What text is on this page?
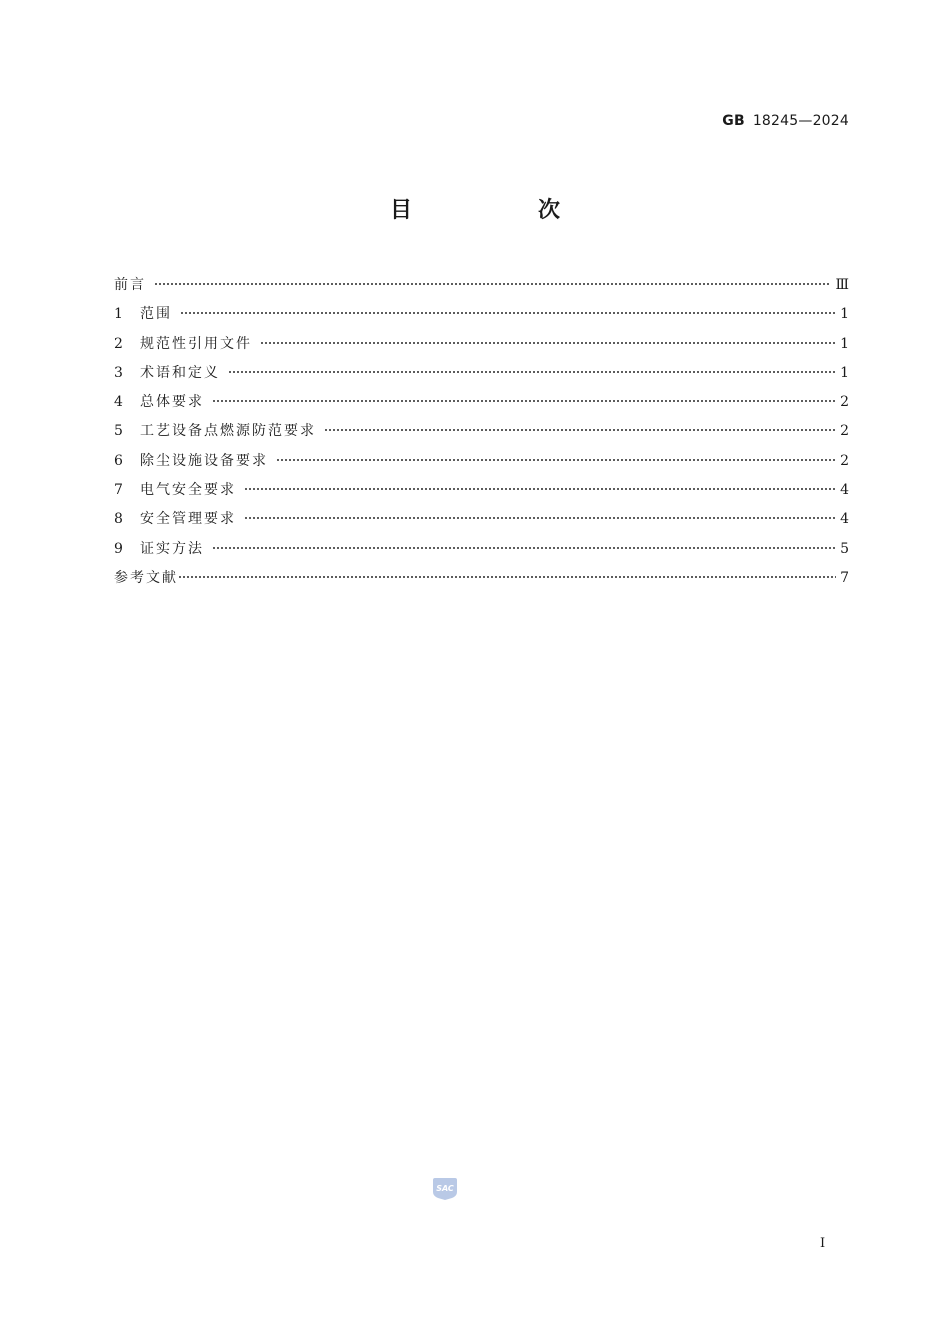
GB 18245—2024
目　次
前言	Ⅲ
1	范围	1
2	规范性引用文件	1
3	术语和定义	1
4	总体要求	2
5	工艺设备点燃源防范要求	2
6	除尘设施设备要求	2
7	电气安全要求	4
8	安全管理要求	4
9	证实方法	5
参考文献	7
SAC
I
